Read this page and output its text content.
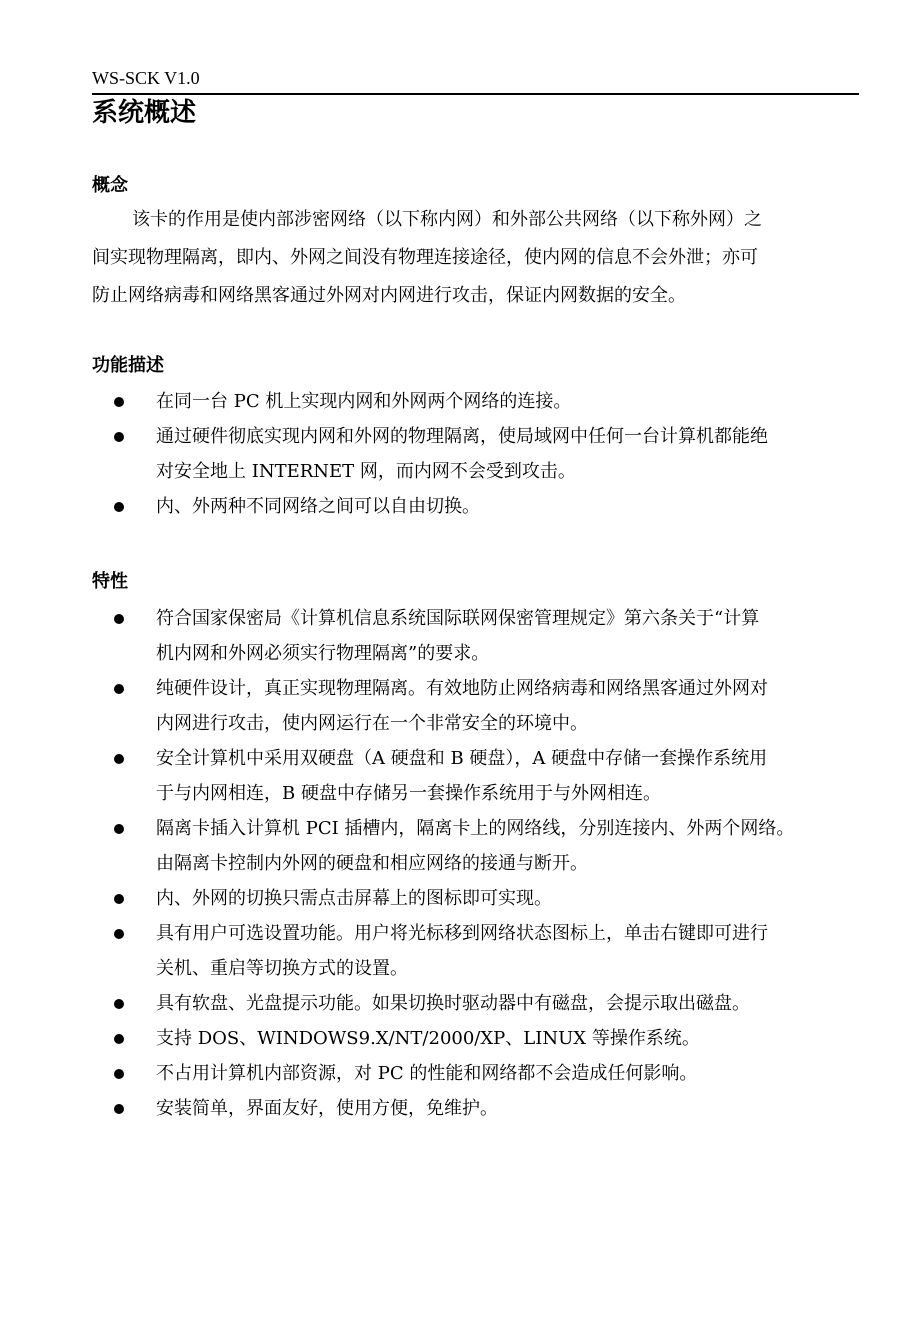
WS-SCK V1.0
系统概述
概念
该卡的作用是使内部涉密网络（以下称内网）和外部公共网络（以下称外网）之
间实现物理隔离，即内、外网之间没有物理连接途径，使内网的信息不会外泄；亦可
防止网络病毒和网络黑客通过外网对内网进行攻击，保证内网数据的安全。
功能描述
在同一台 PC 机上实现内网和外网两个网络的连接。
通过硬件彻底实现内网和外网的物理隔离，使局域网中任何一台计算机都能绝
对安全地上 INTERNET 网，而内网不会受到攻击。
内、外两种不同网络之间可以自由切换。
特性
符合国家保密局《计算机信息系统国际联网保密管理规定》第六条关于“计算
机内网和外网必须实行物理隔离”的要求。
纯硬件设计，真正实现物理隔离。有效地防止网络病毒和网络黑客通过外网对
内网进行攻击，使内网运行在一个非常安全的环境中。
安全计算机中采用双硬盘（A 硬盘和 B 硬盘），A 硬盘中存储一套操作系统用
于与内网相连，B 硬盘中存储另一套操作系统用于与外网相连。
隔离卡插入计算机 PCI 插槽内，隔离卡上的网络线，分别连接内、外两个网络。
由隔离卡控制内外网的硬盘和相应网络的接通与断开。
内、外网的切换只需点击屏幕上的图标即可实现。
具有用户可选设置功能。用户将光标移到网络状态图标上，单击右键即可进行
关机、重启等切换方式的设置。
具有软盘、光盘提示功能。如果切换时驱动器中有磁盘，会提示取出磁盘。
支持 DOS、WINDOWS9.X/NT/2000/XP、LINUX 等操作系统。
不占用计算机内部资源，对 PC 的性能和网络都不会造成任何影响。
安装简单，界面友好，使用方便，免维护。
